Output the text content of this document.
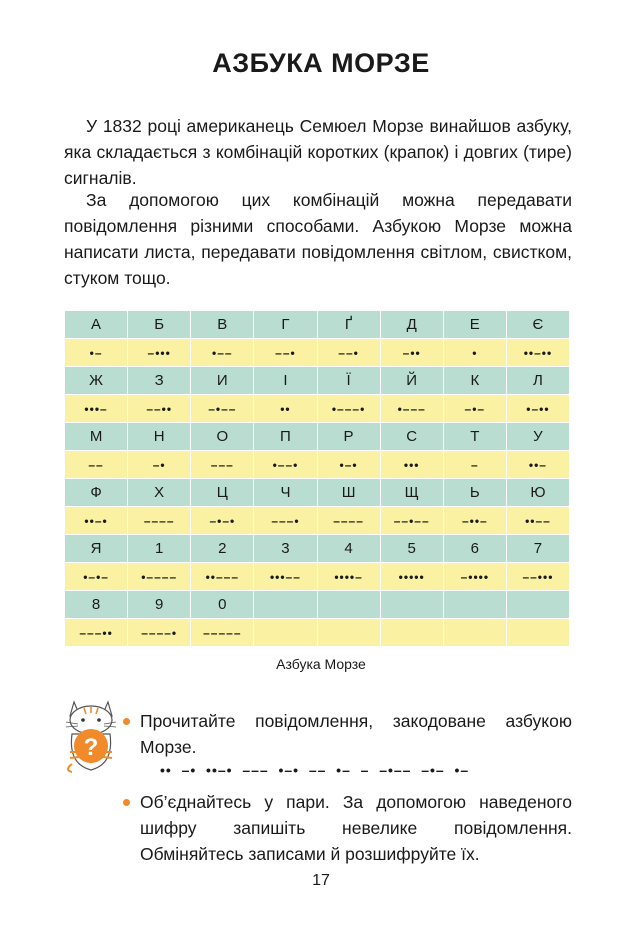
АЗБУКА МОРЗЕ

У 1832 році американець Семюел Морзе винайшов азбуку, яка складається з комбінацій коротких (крапок) і довгих (тире) сигналів.

За допомогою цих комбінацій можна передавати повідомлення різними способами. Азбукою Морзе можна написати листа, передавати повідомлення світлом, свистком, стуком тощо.

А	Б	В	Г	Ґ	Д	Е	Є
•–	–•••	•––	––•	––•	–••	•	••–••
Ж	З	И	І	Ї	Й	К	Л
•••–	––••	–•––	••	•–––•	•–––	–•–	•–••
М	Н	О	П	Р	С	Т	У
––	–•	–––	•––•	•–•	•••	–	••–
Ф	Х	Ц	Ч	Ш	Щ	Ь	Ю
••–•	––––	–•–•	–––•	––––	––•––	–••–	••––
Я	1	2	3	4	5	6	7
•–•–	•––––	••–––	•••––	••••–	•••••	–••••	––•••
8	9	0					
–––••	––––•	–––––					
Азбука Морзе
?
Прочитайте повідомлення, закодоване азбукою Морзе.
••  –•  ••–•  –––  •–•  ––  •–  –  –•––  –•–  •–
Об’єднайтесь у пари. За допомогою наведеного шифру запишіть невелике повідомлення. Обміняйтесь записами й розшифруйте їх.
17
